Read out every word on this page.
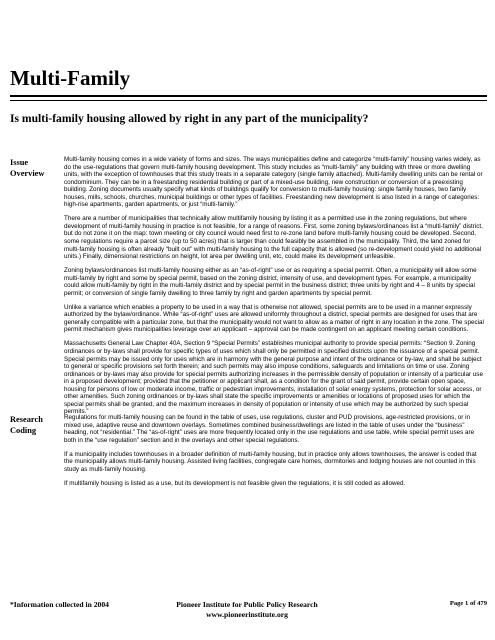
Multi-Family
Is multi-family housing allowed by right in any part of the municipality?
Issue
Overview

Multi-family housing comes in a wide variety of forms and sizes. The ways municipalities define and categorize “multi-family” housing varies widely, as do the use-regulations that govern multi-family housing development. This study includes as “multi-family” any building with three or more dwelling units, with the exception of townhouses that this study treats in a separate category (single family attached). Multi-family dwelling units can be rental or condominium. They can be in a freestanding residential building or part of a mixed-use building, new construction or conversion of a preexisting building. Zoning documents usually specify what kinds of buildings qualify for conversion to multi-family housing: single family houses, two family houses, mills, schools, churches, municipal buildings or other types of facilities. Freestanding new development is also listed in a range of categories: high-rise apartments, garden apartments, or just “multi-family.”

There are a number of municipalities that technically allow multifamily housing by listing it as a permitted use in the zoning regulations, but where development of multi-family housing in practice is not feasible, for a range of reasons. First, some zoning bylaws/ordinances list a “multi-family” district, but do not zone it on the map: town meeting or city council would need first to re-zone land before multi-family housing could be developed. Second, some regulations require a parcel size (up to 50 acres) that is larger than could feasibly be assembled in the municipality. Third, the land zoned for multi-family housing is often already “built out” with multi-family housing to the full capacity that is allowed (so re-development could yield no additional units.) Finally, dimensional restrictions on height, lot area per dwelling unit, etc, could make its development unfeasible.

Zoning bylaws/ordinances list multi-family housing either as an “as-of-right” use or as requiring a special permit. Often, a municipality will allow some multi-family by right and some by special permit, based on the zoning district, intensity of use, and development types. For example, a municipality could allow multi-family by right in the multi-family district and by special permit in the business district; three units by right and 4 – 8 units by special permit; or conversion of single family dwelling to three family by right and garden apartments by special permit.

Unlike a variance which enables a property to be used in a way that is otherwise not allowed, special permits are to be used in a manner expressly authorized by the bylaw/ordinance. While “as-of-right” uses are allowed uniformly throughout a district, special permits are designed for uses that are generally compatible with a particular zone, but that the municipality would not want to allow as a matter of right in any location in the zone. The special permit mechanism gives municipalities leverage over an applicant – approval can be made contingent on an applicant meeting certain conditions.

Massachusetts General Law Chapter 40A, Section 9 “Special Permits” establishes municipal authority to provide special permits: “Section 9. Zoning ordinances or by-laws shall provide for specific types of uses which shall only be permitted in specified districts upon the issuance of a special permit. Special permits may be issued only for uses which are in harmony with the general purpose and intent of the ordinance or by-law, and shall be subject to general or specific provisions set forth therein; and such permits may also impose conditions, safeguards and limitations on time or use. Zoning ordinances or by-laws may also provide for special permits authorizing increases in the permissible density of population or intensity of a particular use in a proposed development; provided that the petitioner or applicant shall, as a condition for the grant of said permit, provide certain open space, housing for persons of low or moderate income, traffic or pedestrian improvements, installation of solar energy systems, protection for solar access, or other amenities. Such zoning ordinances or by-laws shall state the specific improvements or amenities or locations of proposed uses for which the special permits shall be granted, and the maximum increases in density of population or intensity of use which may be authorized by such special permits.”

Research
Coding

Regulations for multi-family housing can be found in the table of uses, use regulations, cluster and PUD provisions, age-restricted provisions, or in mixed use, adaptive reuse and downtown overlays. Sometimes combined business/dwellings are listed in the table of uses under the “business” heading, not “residential.” The “as-of-right” uses are more frequently located only in the use regulations and use table, while special permit uses are both in the “use regulation” section and in the overlays and other special regulations.

If a municipality includes townhouses in a broader definition of multi-family housing, but in practice only allows townhouses, the answer is coded that the municipality allows multi-family housing. Assisted living facilities, congregate care homes, dormitories and lodging houses are not counted in this study as multi-family housing.

If multifamily housing is listed as a use, but its development is not feasible given the regulations, it is still coded as allowed.

*Information collected in 2004	Pioneer Institute for Public Policy Research
www.pioneerinstitute.org
Page 1 of 479
